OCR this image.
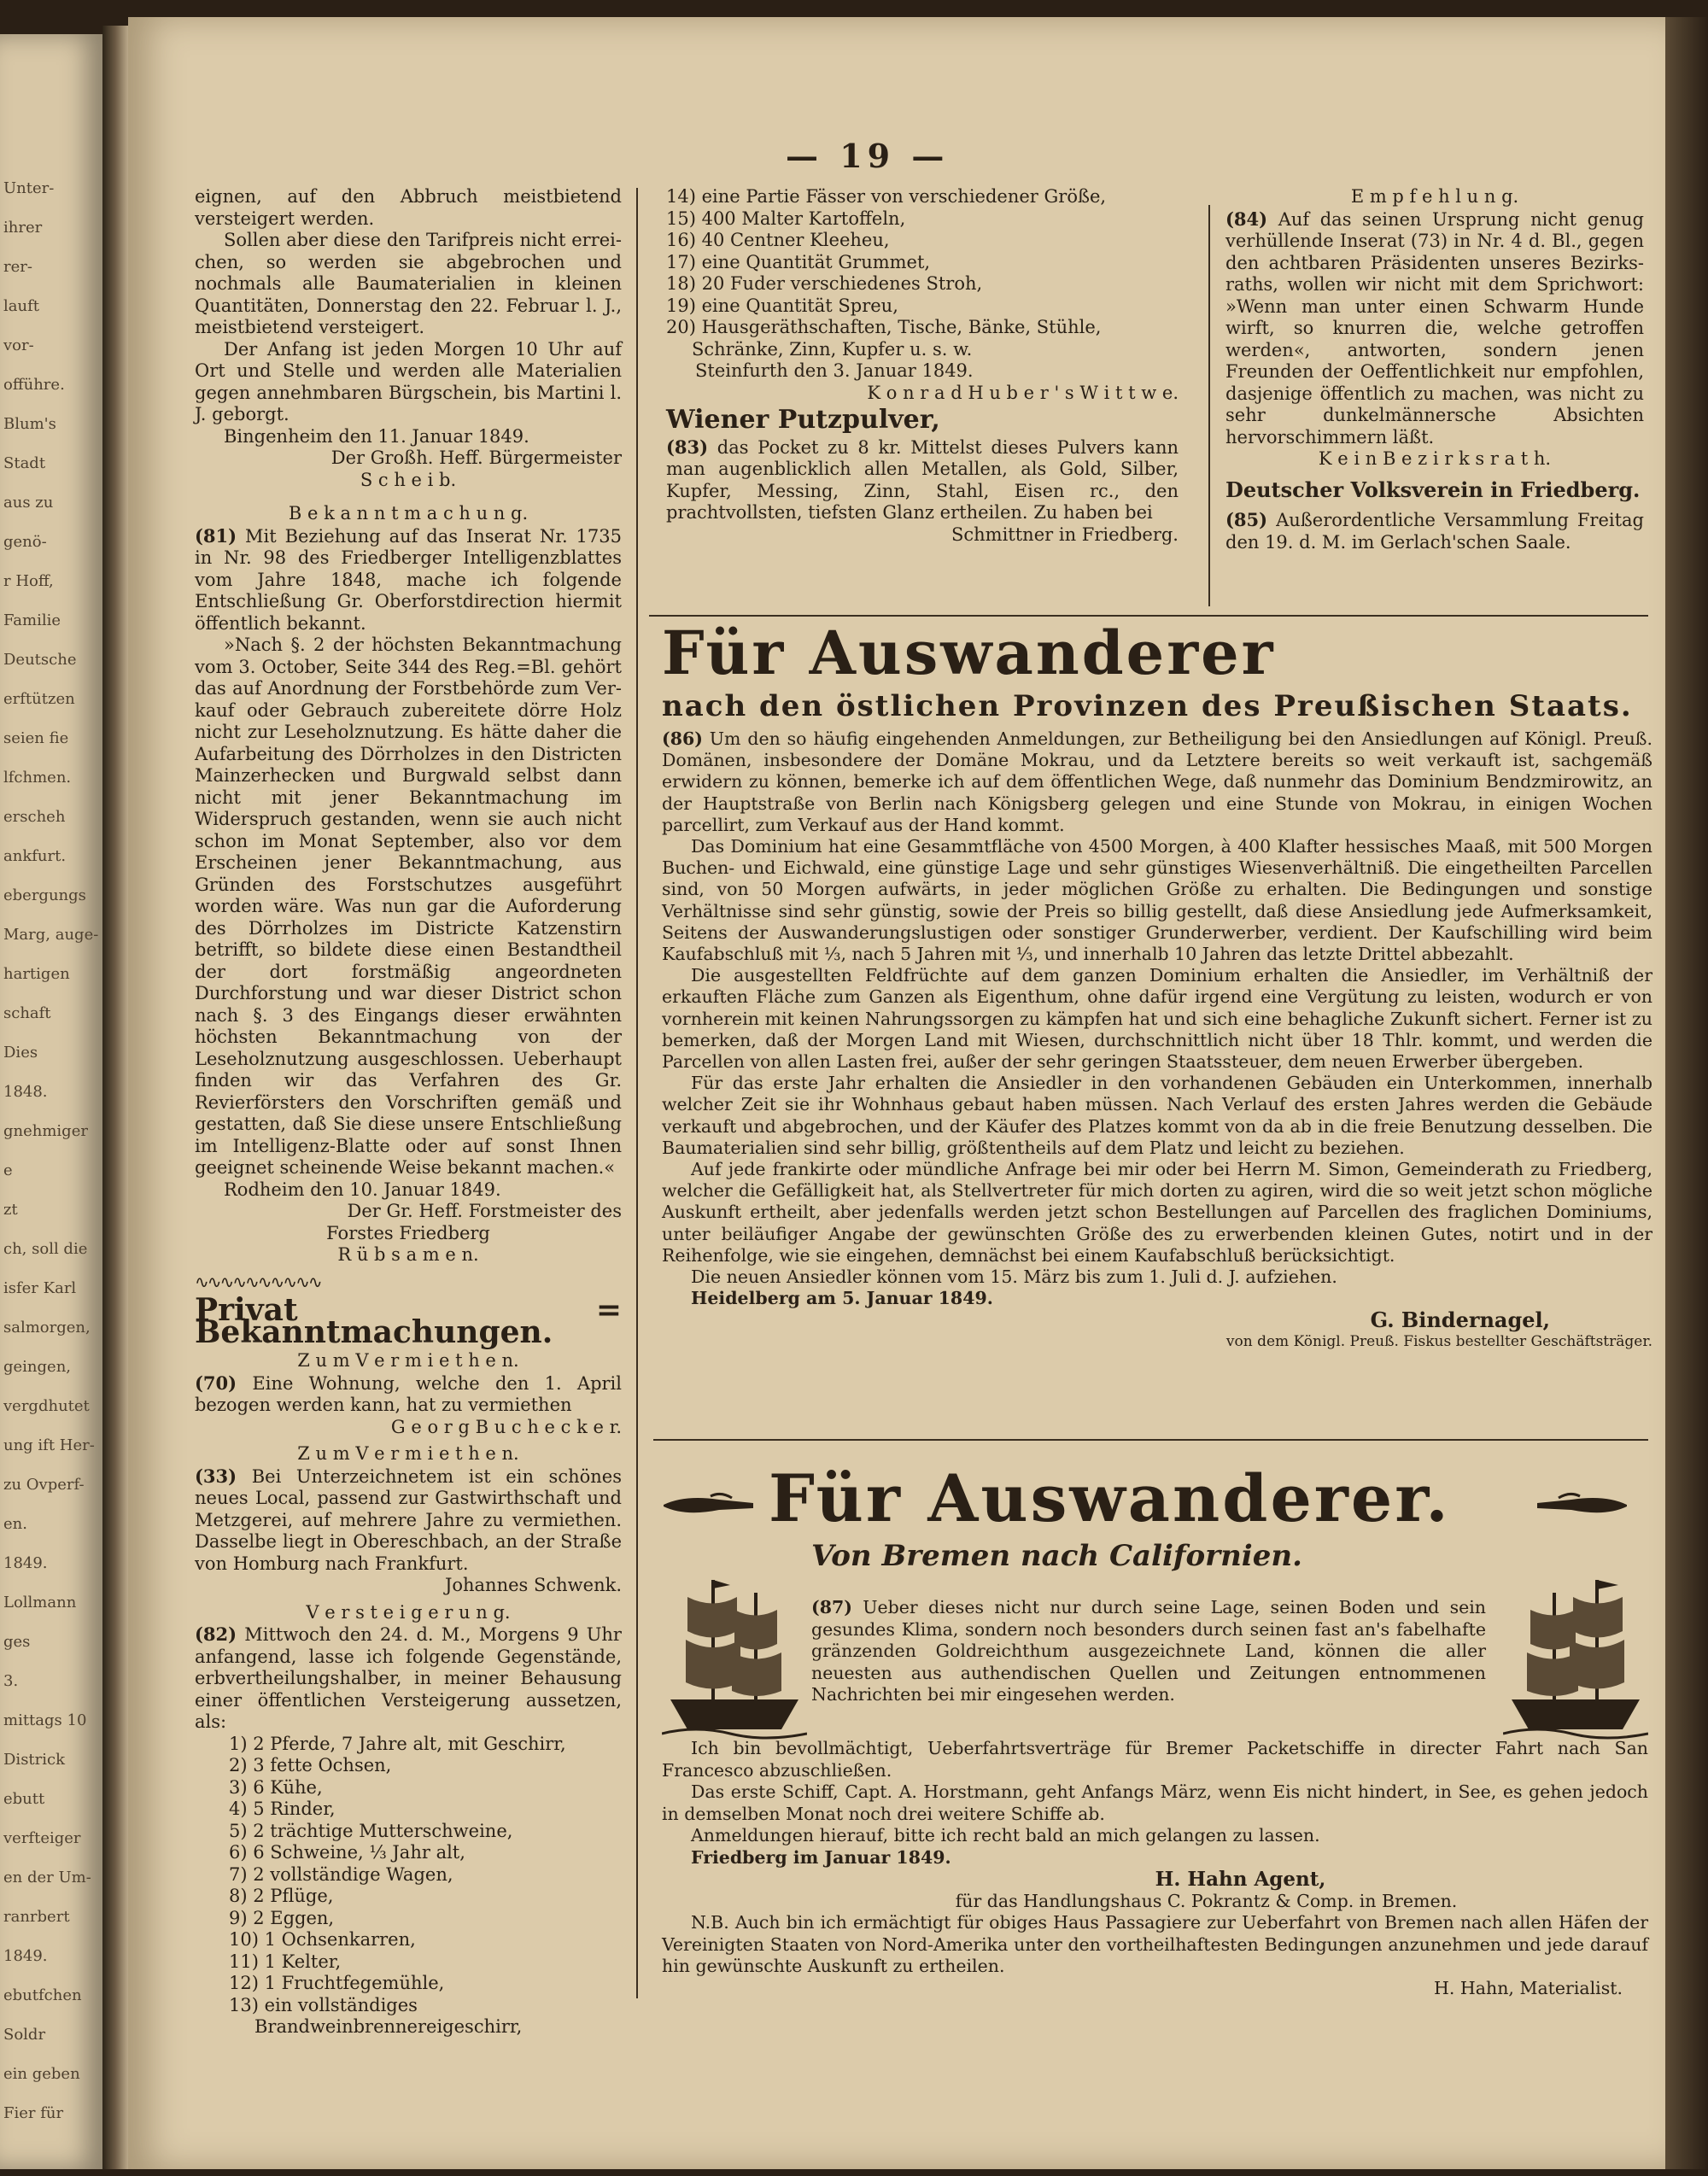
Unter-
ihrer
rer-
lauft
vor-
offühre.
Blum's
Stadt
aus zu
genö-
r Hoff,
Familie
Deutsche
erftützen
seien fie
lfchmen.
erscheh
ankfurt.
ebergungs
Marg, auge-
hartigen
schaft
Dies
1848.
gnehmiger
e
zt
ch, soll die
isfer Karl
salmorgen,
geingen,
vergdhutet
ung ift Her-
zu Ovperf-
en.
1849.
Lollmann
ges
3.
mittags 10
Districk
ebutt
verfteiger
en der Um-
ranrbert
1849.
ebutfchen
Soldr
ein geben
Fier für
— 19 —

eignen, auf den Abbruch meistbietend versteigert werden.

Sollen aber diese den Tarifpreis nicht erreichen, so werden sie abgebrochen und nochmals alle Baumaterialien in kleinen Quantitäten, Donnerstag den 22. Februar l. J., meistbietend versteigert.

Der Anfang ist jeden Morgen 10 Uhr auf Ort und Stelle und werden alle Materialien gegen annehmbaren Bürgschein, bis Martini l. J. geborgt.

Bingenheim den 11. Januar 1849.

Der Großh. Heff. Bürgermeister

S c h e i b.

B e k a n n t m a c h u n g.

(81) Mit Beziehung auf das Inserat Nr. 1735 in Nr. 98 des Friedberger Intelligenzblattes vom Jahre 1848, mache ich folgende Entschließung Gr. Oberforstdirection hiermit öffentlich bekannt.

»Nach §. 2 der höchsten Bekanntmachung vom 3. October, Seite 344 des Reg.=Bl. gehört das auf Anordnung der Forstbehörde zum Verkauf oder Gebrauch zubereitete dörre Holz nicht zur Leseholznutzung. Es hätte daher die Aufarbeitung des Dörrholzes in den Districten Mainzerhecken und Burgwald selbst dann nicht mit jener Bekanntmachung im Widerspruch gestanden, wenn sie auch nicht schon im Monat September, also vor dem Erscheinen jener Bekanntmachung, aus Gründen des Forstschutzes ausgeführt worden wäre. Was nun gar die Auforderung des Dörrholzes im Districte Katzenstirn betrifft, so bildete diese einen Bestandtheil der dort forstmäßig angeordneten Durchforstung und war dieser District schon nach §. 3 des Eingangs dieser erwähnten höchsten Bekanntmachung von der Leseholznutzung ausgeschlossen. Ueberhaupt finden wir das Verfahren des Gr. Revierförsters den Vorschriften gemäß und gestatten, daß Sie diese unsere Entschließung im Intelligenz-Blatte oder auf sonst Ihnen geeignet scheinende Weise bekannt machen.«

Rodheim den 10. Januar 1849.

Der Gr. Heff. Forstmeister des

Forstes Friedberg

R ü b s a m e n.

∿∿∿∿∿∿∿∿∿∿

Privat = Bekanntmachungen.

Z u m V e r m i e t h e n.

(70) Eine Wohnung, welche den 1. April bezogen werden kann, hat zu vermiethen

G e o r g B u c h e c k e r.

Z u m V e r m i e t h e n.

(33) Bei Unterzeichnetem ist ein schönes neues Local, passend zur Gastwirthschaft und Metzgerei, auf mehrere Jahre zu vermiethen. Dasselbe liegt in Obereschbach, an der Straße von Homburg nach Frankfurt.

Johannes Schwenk.

V e r s t e i g e r u n g.

(82) Mittwoch den 24. d. M., Morgens 9 Uhr anfangend, lasse ich folgende Gegenstände, erbvertheilungshalber, in meiner Behausung einer öffentlichen Versteigerung aussetzen, als:

1) 2 Pferde, 7 Jahre alt, mit Geschirr,

2) 3 fette Ochsen,

3) 6 Kühe,

4) 5 Rinder,

5) 2 trächtige Mutterschweine,

6) 6 Schweine, ⅓ Jahr alt,

7) 2 vollständige Wagen,

8) 2 Pflüge,

9) 2 Eggen,

10) 1 Ochsenkarren,

11) 1 Kelter,

12) 1 Fruchtfegemühle,

13) ein vollständiges Brandweinbrennereigeschirr,

14) eine Partie Fässer von verschiedener Größe,

15) 400 Malter Kartoffeln,

16) 40 Centner Kleeheu,

17) eine Quantität Grummet,

18) 20 Fuder verschiedenes Stroh,

19) eine Quantität Spreu,

20) Hausgeräthschaften, Tische, Bänke, Stühle, Schränke, Zinn, Kupfer u. s. w.

Steinfurth den 3. Januar 1849.

K o n r a d H u b e r ' s W i t t w e.

Wiener Putzpulver,

(83) das Pocket zu 8 kr. Mittelst dieses Pulvers kann man augenblicklich allen Metallen, als Gold, Silber, Kupfer, Messing, Zinn, Stahl, Eisen rc., den prachtvollsten, tiefsten Glanz ertheilen. Zu haben bei

Schmittner in Friedberg.

E m p f e h l u n g.

(84) Auf das seinen Ursprung nicht genug verhüllende Inserat (73) in Nr. 4 d. Bl., gegen den achtbaren Präsidenten unseres Bezirksraths, wollen wir nicht mit dem Sprichwort: »Wenn man unter einen Schwarm Hunde wirft, so knurren die, welche getroffen werden«, antworten, sondern jenen Freunden der Oeffentlichkeit nur empfohlen, dasjenige öffentlich zu machen, was nicht zu sehr dunkelmännersche Absichten hervorschimmern läßt.

K e i n B e z i r k s r a t h.

Deutscher Volksverein in Friedberg.

(85) Außerordentliche Versammlung Freitag den 19. d. M. im Gerlach'schen Saale.

Für Auswanderer

nach den östlichen Provinzen des Preußischen Staats.

(86) Um den so häufig eingehenden Anmeldungen, zur Betheiligung bei den Ansiedlungen auf Königl. Preuß. Domänen, insbesondere der Domäne Mokrau, und da Letztere bereits so weit verkauft ist, sachgemäß erwidern zu können, bemerke ich auf dem öffentlichen Wege, daß nunmehr das Dominium Bendzmirowitz, an der Hauptstraße von Berlin nach Königsberg gelegen und eine Stunde von Mokrau, in einigen Wochen parcellirt, zum Verkauf aus der Hand kommt.

Das Dominium hat eine Gesammtfläche von 4500 Morgen, à 400 Klafter hessisches Maaß, mit 500 Morgen Buchen- und Eichwald, eine günstige Lage und sehr günstiges Wiesenverhältniß. Die eingetheilten Parcellen sind, von 50 Morgen aufwärts, in jeder möglichen Größe zu erhalten. Die Bedingungen und sonstige Verhältnisse sind sehr günstig, sowie der Preis so billig gestellt, daß diese Ansiedlung jede Aufmerksamkeit, Seitens der Auswanderungslustigen oder sonstiger Grunderwerber, verdient. Der Kaufschilling wird beim Kaufabschluß mit ⅓, nach 5 Jahren mit ⅓, und innerhalb 10 Jahren das letzte Drittel abbezahlt.

Die ausgestellten Feldfrüchte auf dem ganzen Dominium erhalten die Ansiedler, im Verhältniß der erkauften Fläche zum Ganzen als Eigenthum, ohne dafür irgend eine Vergütung zu leisten, wodurch er von vornherein mit keinen Nahrungssorgen zu kämpfen hat und sich eine behagliche Zukunft sichert. Ferner ist zu bemerken, daß der Morgen Land mit Wiesen, durchschnittlich nicht über 18 Thlr. kommt, und werden die Parcellen von allen Lasten frei, außer der sehr geringen Staatssteuer, dem neuen Erwerber übergeben.

Für das erste Jahr erhalten die Ansiedler in den vorhandenen Gebäuden ein Unterkommen, innerhalb welcher Zeit sie ihr Wohnhaus gebaut haben müssen. Nach Verlauf des ersten Jahres werden die Gebäude verkauft und abgebrochen, und der Käufer des Platzes kommt von da ab in die freie Benutzung desselben. Die Baumaterialien sind sehr billig, größtentheils auf dem Platz und leicht zu beziehen.

Auf jede frankirte oder mündliche Anfrage bei mir oder bei Herrn M. Simon, Gemeinderath zu Friedberg, welcher die Gefälligkeit hat, als Stellvertreter für mich dorten zu agiren, wird die so weit jetzt schon mögliche Auskunft ertheilt, aber jedenfalls werden jetzt schon Bestellungen auf Parcellen des fraglichen Dominiums, unter beiläufiger Angabe der gewünschten Größe des zu erwerbenden kleinen Gutes, notirt und in der Reihenfolge, wie sie eingehen, demnächst bei einem Kaufabschluß berücksichtigt.

Die neuen Ansiedler können vom 15. März bis zum 1. Juli d. J. aufziehen.

Heidelberg am 5. Januar 1849.

G. Bindernagel,

von dem Königl. Preuß. Fiskus bestellter Geschäftsträger.

Für Auswanderer.

Von Bremen nach Californien.

(87) Ueber dieses nicht nur durch seine Lage, seinen Boden und sein gesundes Klima, sondern noch besonders durch seinen fast an's fabelhafte gränzenden Goldreichthum ausgezeichnete Land, können die aller neuesten aus authendischen Quellen und Zeitungen entnommenen Nachrichten bei mir eingesehen werden.

Ich bin bevollmächtigt, Ueberfahrtsverträge für Bremer Packetschiffe in directer Fahrt nach San Francesco abzuschließen.

Das erste Schiff, Capt. A. Horstmann, geht Anfangs März, wenn Eis nicht hindert, in See, es gehen jedoch in demselben Monat noch drei weitere Schiffe ab.

Anmeldungen hierauf, bitte ich recht bald an mich gelangen zu lassen.

Friedberg im Januar 1849.

H. Hahn Agent,

für das Handlungshaus C. Pokrantz & Comp. in Bremen.

N.B. Auch bin ich ermächtigt für obiges Haus Passagiere zur Ueberfahrt von Bremen nach allen Häfen der Vereinigten Staaten von Nord-Amerika unter den vortheilhaftesten Bedingungen anzunehmen und jede darauf hin gewünschte Auskunft zu ertheilen.

H. Hahn, Materialist.
